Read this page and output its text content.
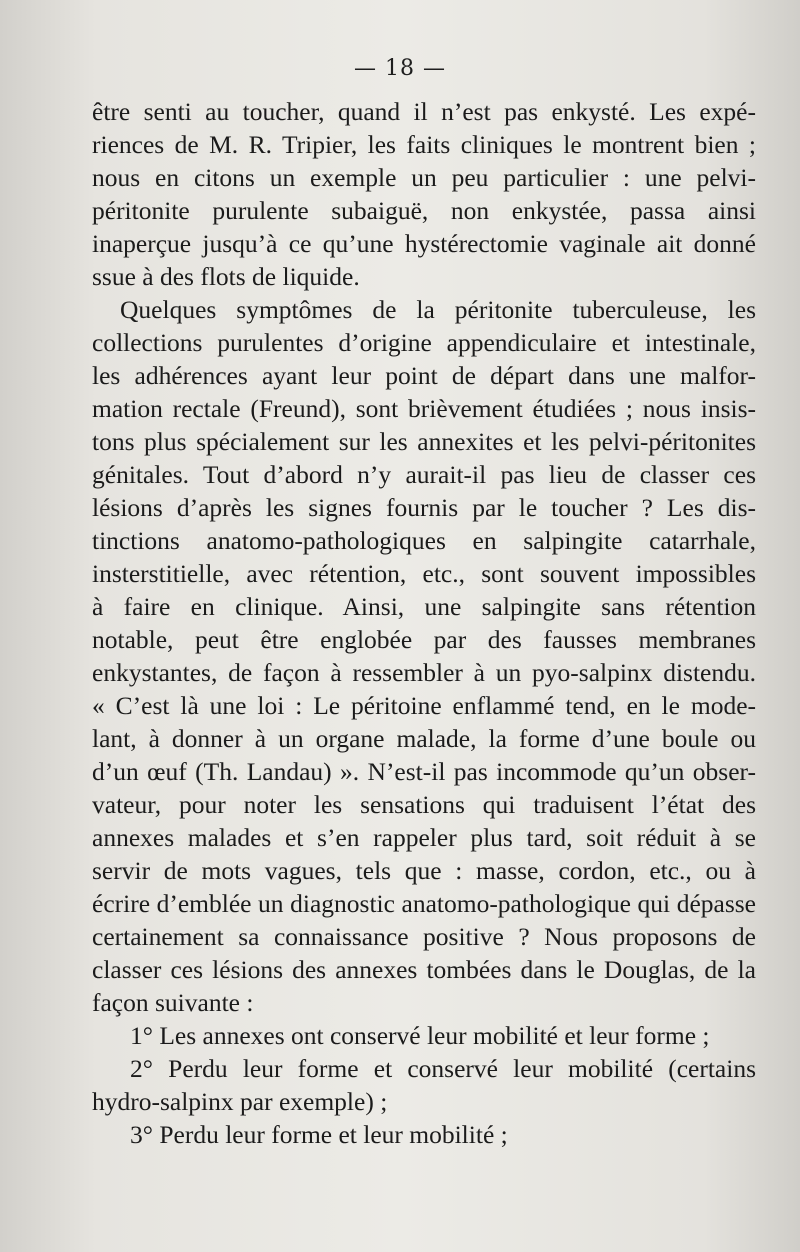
— 18 —
être senti au toucher, quand il n’est pas enkysté. Les expé-
riences de M. R. Tripier, les faits cliniques le montrent bien ;
nous en citons un exemple un peu particulier : une pelvi-
péritonite purulente subaiguë, non enkystée, passa ainsi
inaperçue jusqu’à ce qu’une hystérectomie vaginale ait donné
ssue à des flots de liquide.
Quelques symptômes de la péritonite tuberculeuse, les
collections purulentes d’origine appendiculaire et intestinale,
les adhérences ayant leur point de départ dans une malfor-
mation rectale (Freund), sont brièvement étudiées ; nous insis-
tons plus spécialement sur les annexites et les pelvi-péritonites
génitales. Tout d’abord n’y aurait-il pas lieu de classer ces
lésions d’après les signes fournis par le toucher ? Les dis-
tinctions anatomo-pathologiques en salpingite catarrhale,
insterstitielle, avec rétention, etc., sont souvent impossibles
à faire en clinique. Ainsi, une salpingite sans rétention
notable, peut être englobée par des fausses membranes
enkystantes, de façon à ressembler à un pyo-salpinx distendu.
« C’est là une loi : Le péritoine enflammé tend, en le mode-
lant, à donner à un organe malade, la forme d’une boule ou
d’un œuf (Th. Landau) ». N’est-il pas incommode qu’un obser-
vateur, pour noter les sensations qui traduisent l’état des
annexes malades et s’en rappeler plus tard, soit réduit à se
servir de mots vagues, tels que : masse, cordon, etc., ou à
écrire d’emblée un diagnostic anatomo-pathologique qui dépasse
certainement sa connaissance positive ? Nous proposons de
classer ces lésions des annexes tombées dans le Douglas, de la
façon suivante :
1° Les annexes ont conservé leur mobilité et leur forme ;
2° Perdu leur forme et conservé leur mobilité (certains
hydro-salpinx par exemple) ;
3° Perdu leur forme et leur mobilité ;
